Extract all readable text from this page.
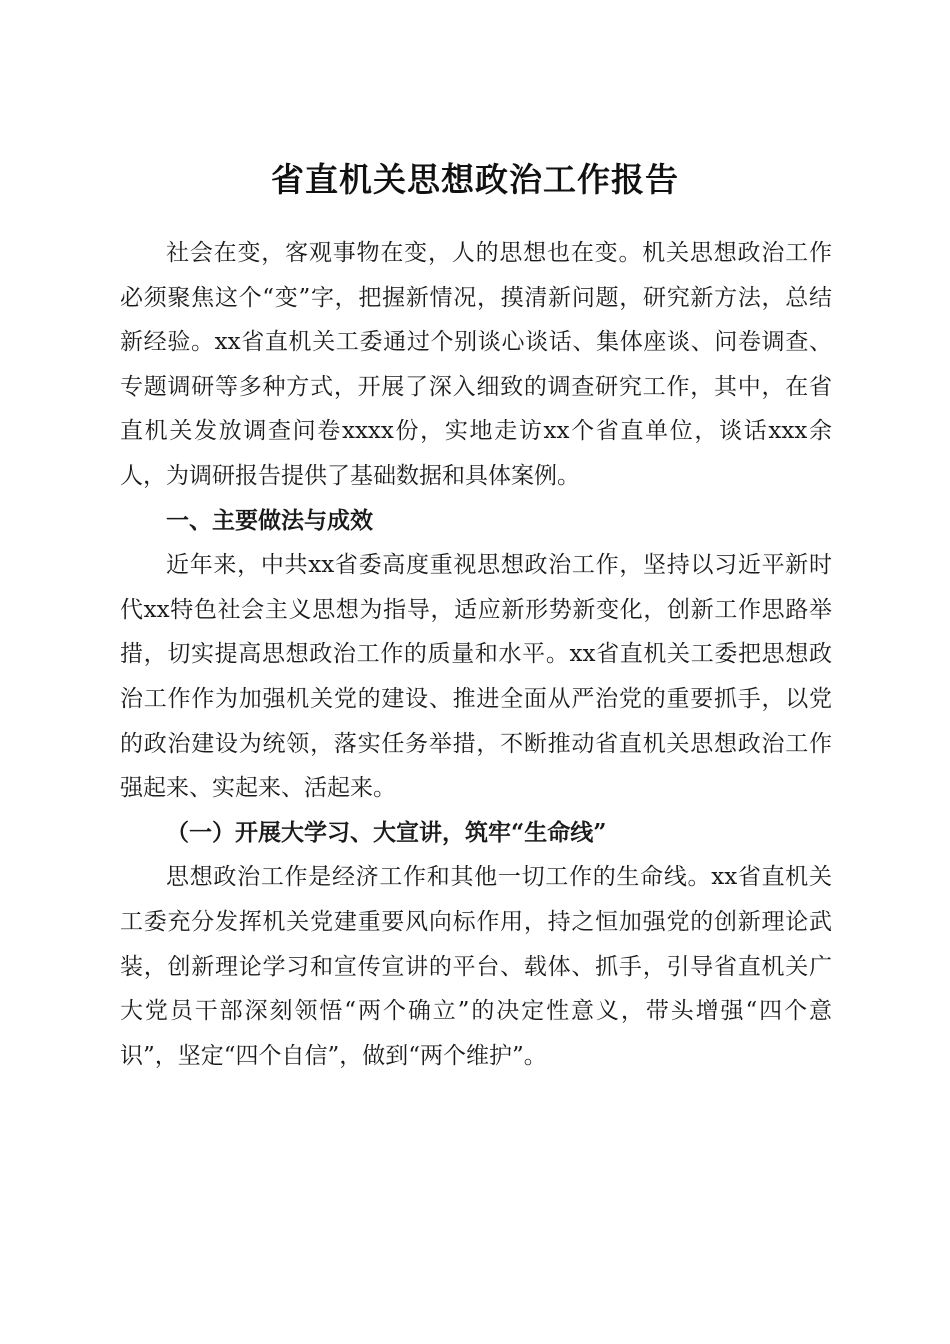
省直机关思想政治工作报告

社会在变，客观事物在变，人的思想也在变。机关思想政治工作必须聚焦这个“变”字，把握新情况，摸清新问题，研究新方法，总结新经验。xx省直机关工委通过个别谈心谈话、集体座谈、问卷调查、专题调研等多种方式，开展了深入细致的调查研究工作，其中，在省直机关发放调查问卷xxxx份，实地走访xx个省直单位，谈话xxx余人，为调研报告提供了基础数据和具体案例。

一、主要做法与成效

近年来，中共xx省委高度重视思想政治工作，坚持以习近平新时代xx特色社会主义思想为指导，适应新形势新变化，创新工作思路举措，切实提高思想政治工作的质量和水平。xx省直机关工委把思想政治工作作为加强机关党的建设、推进全面从严治党的重要抓手，以党的政治建设为统领，落实任务举措，不断推动省直机关思想政治工作强起来、实起来、活起来。

（一）开展大学习、大宣讲，筑牢“生命线”

思想政治工作是经济工作和其他一切工作的生命线。xx省直机关工委充分发挥机关党建重要风向标作用，持之恒加强党的创新理论武装，创新理论学习和宣传宣讲的平台、载体、抓手，引导省直机关广大党员干部深刻领悟“两个确立”的决定性意义，带头增强“四个意识”，坚定“四个自信”，做到“两个维护”。
